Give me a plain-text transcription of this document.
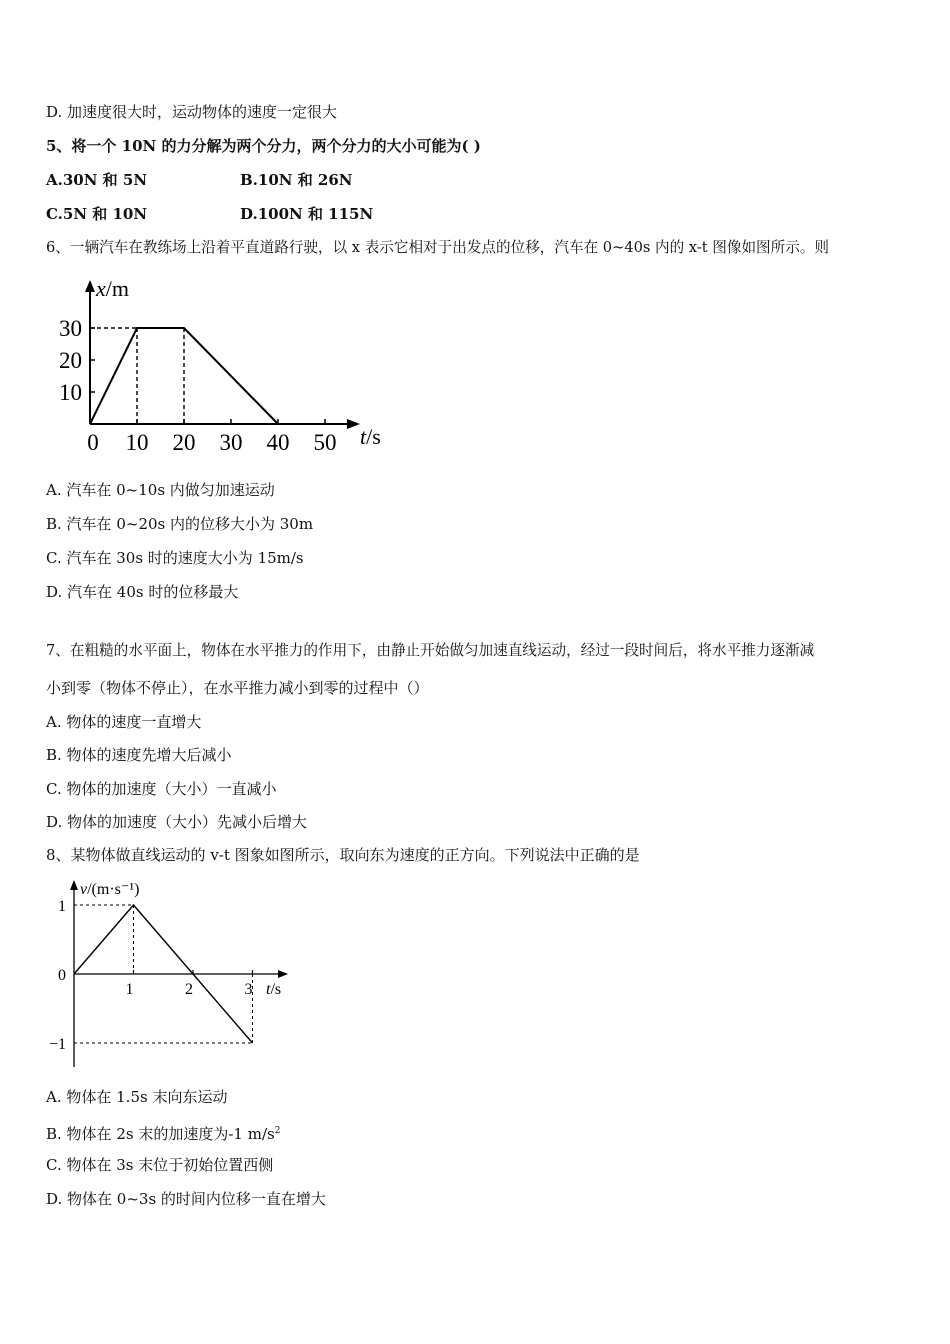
D. 加速度很大时，运动物体的速度一定很大
5、将一个 10N 的力分解为两个分力，两个分力的大小可能为( )
A.30N 和 5N	B.10N 和 26N
C.5N 和 10N	D.100N 和 115N
6、一辆汽车在教练场上沿着平直道路行驶，以 x 表示它相对于出发点的位移，汽车在 0~40s 内的 x-t 图像如图所示。则
10
20
30
0 10 20 30 40 50
x/m
t/s
A. 汽车在 0~10s 内做匀加速运动
B. 汽车在 0~20s 内的位移大小为 30m
C. 汽车在 30s 时的速度大小为 15m/s
D. 汽车在 40s 时的位移最大
7、在粗糙的水平面上，物体在水平推力的作用下，由静止开始做匀加速直线运动，经过一段时间后，将水平推力逐渐减
小到零（物体不停止），在水平推力减小到零的过程中（）
A. 物体的速度一直增大
B. 物体的速度先增大后减小
C. 物体的加速度（大小）一直减小
D. 物体的加速度（大小）先减小后增大
8、某物体做直线运动的 v-t 图象如图所示，取向东为速度的正方向。下列说法中正确的是
1
0
−1
1	2	3
v/(m·s⁻¹)
t/s
A. 物体在 1.5s 末向东运动
B. 物体在 2s 末的加速度为-1 $m/s^2$
C. 物体在 3s 末位于初始位置西侧
D. 物体在 0~3s 的时间内位移一直在增大
